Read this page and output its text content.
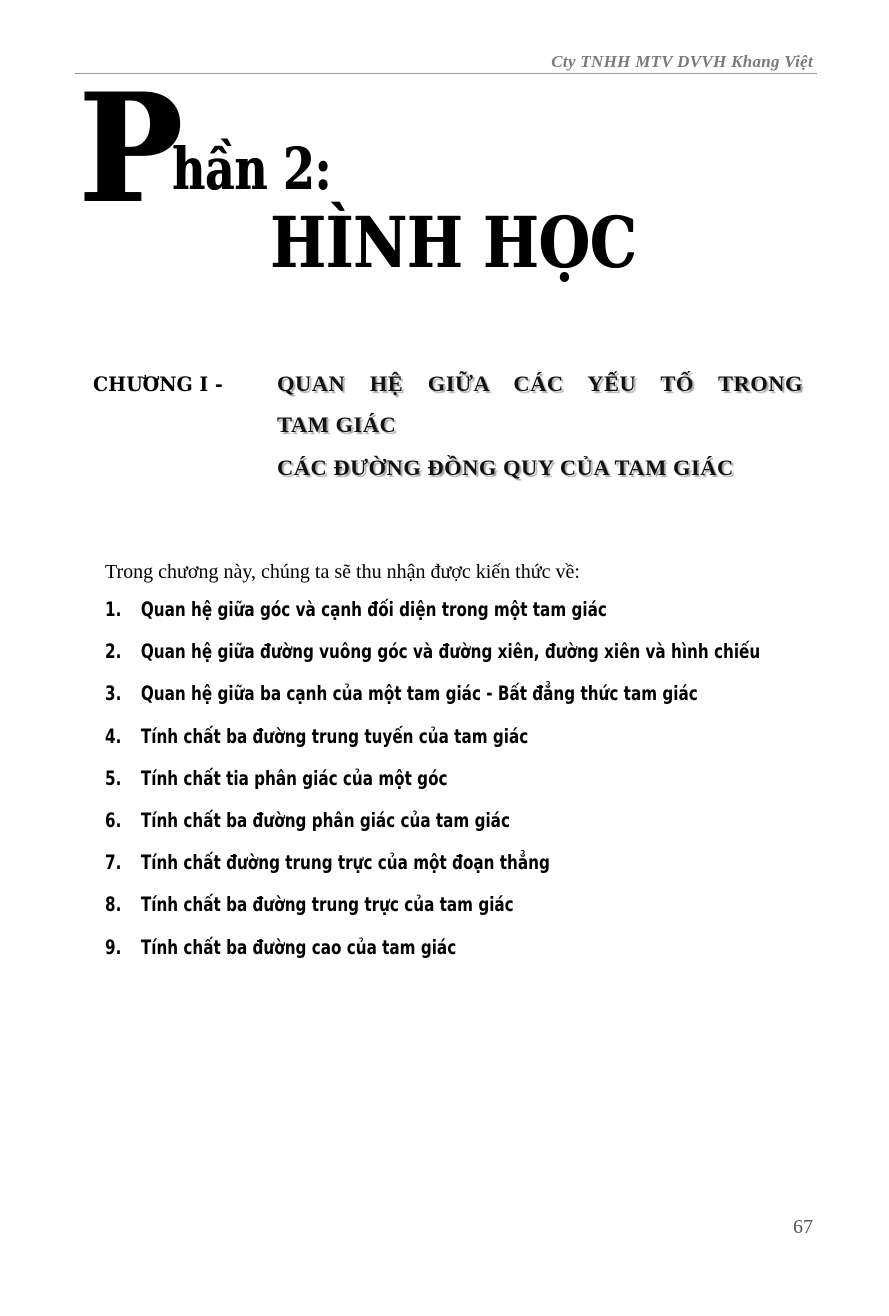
Cty TNHH MTV DVVH Khang Việt
P
hần 2:
HÌNH HỌC
CHƯƠNG I - QUAN HỆ GIỮA CÁC YẾU TỐ TRONG
TAM GIÁC
CÁC ĐƯỜNG ĐỒNG QUY CỦA TAM GIÁC
Trong chương này, chúng ta sẽ thu nhận được kiến thức về:
1. Quan hệ giữa góc và cạnh đối diện trong một tam giác
2. Quan hệ giữa đường vuông góc và đường xiên, đường xiên và hình chiếu
3. Quan hệ giữa ba cạnh của một tam giác - Bất đẳng thức tam giác
4. Tính chất ba đường trung tuyến của tam giác
5. Tính chất tia phân giác của một góc
6. Tính chất ba đường phân giác của tam giác
7. Tính chất đường trung trực của một đoạn thẳng
8. Tính chất ba đường trung trực của tam giác
9. Tính chất ba đường cao của tam giác
67
